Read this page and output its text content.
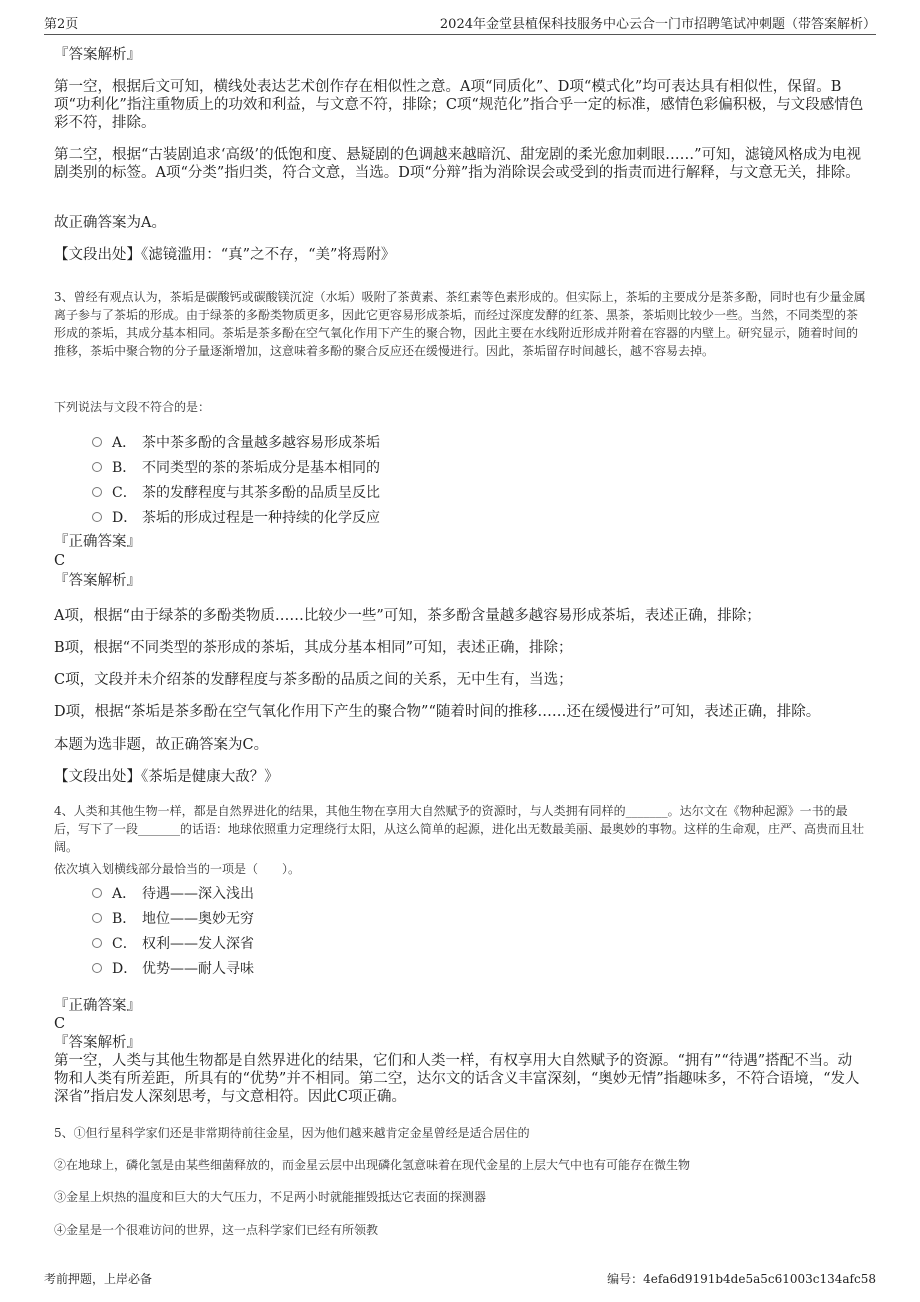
第2页	2024年金堂县植保科技服务中心云合一门市招聘笔试冲刺题（带答案解析）
『答案解析』
第一空，根据后文可知，横线处表达艺术创作存在相似性之意。A项“同质化”、D项“模式化”均可表达具有相似性，保留。B项“功利化”指注重物质上的功效和利益，与文意不符，排除；C项“规范化”指合乎一定的标准，感情色彩偏积极，与文段感情色彩不符，排除。
第二空，根据“古装剧追求‘高级’的低饱和度、悬疑剧的色调越来越暗沉、甜宠剧的柔光愈加刺眼……”可知，滤镜风格成为电视剧类别的标签。A项“分类”指归类，符合文意，当选。D项“分辩”指为消除误会或受到的指责而进行解释，与文意无关，排除。
故正确答案为A。
【文段出处】《滤镜滥用：“真”之不存，“美”将焉附》
3、曾经有观点认为，茶垢是碳酸钙或碳酸镁沉淀（水垢）吸附了茶黄素、茶红素等色素形成的。但实际上，茶垢的主要成分是茶多酚，同时也有少量金属离子参与了茶垢的形成。由于绿茶的多酚类物质更多，因此它更容易形成茶垢，而经过深度发酵的红茶、黑茶，茶垢则比较少一些。当然，不同类型的茶形成的茶垢，其成分基本相同。茶垢是茶多酚在空气氧化作用下产生的聚合物，因此主要在水线附近形成并附着在容器的内壁上。研究显示，随着时间的推移，茶垢中聚合物的分子量逐渐增加，这意味着多酚的聚合反应还在缓慢进行。因此，茶垢留存时间越长，越不容易去掉。
下列说法与文段不符合的是：
A． 茶中茶多酚的含量越多越容易形成茶垢
B． 不同类型的茶的茶垢成分是基本相同的
C． 茶的发酵程度与其茶多酚的品质呈反比
D． 茶垢的形成过程是一种持续的化学反应
『正确答案』
C
『答案解析』
A项，根据“由于绿茶的多酚类物质……比较少一些”可知，茶多酚含量越多越容易形成茶垢，表述正确，排除；
B项，根据“不同类型的茶形成的茶垢，其成分基本相同”可知，表述正确，排除；
C项，文段并未介绍茶的发酵程度与茶多酚的品质之间的关系，无中生有，当选；
D项，根据“茶垢是茶多酚在空气氧化作用下产生的聚合物”“随着时间的推移……还在缓慢进行”可知，表述正确，排除。
本题为选非题，故正确答案为C。
【文段出处】《茶垢是健康大敌？》
4、人类和其他生物一样，都是自然界进化的结果，其他生物在享用大自然赋予的资源时，与人类拥有同样的_______。达尔文在《物种起源》一书的最后，写下了一段_______的话语：地球依照重力定理绕行太阳，从这么简单的起源，进化出无数最美丽、最奥妙的事物。这样的生命观，庄严、高贵而且壮阔。
依次填入划横线部分最恰当的一项是（　　）。
A． 待遇——深入浅出
B． 地位——奥妙无穷
C． 权利——发人深省
D． 优势——耐人寻味
『正确答案』
C
『答案解析』
第一空，人类与其他生物都是自然界进化的结果，它们和人类一样，有权享用大自然赋予的资源。“拥有”“待遇”搭配不当。动物和人类有所差距，所具有的“优势”并不相同。第二空，达尔文的话含义丰富深刻，“奥妙无情”指趣味多，不符合语境，“发人深省”指启发人深刻思考，与文意相符。因此C项正确。
5、①但行星科学家们还是非常期待前往金星，因为他们越来越肯定金星曾经是适合居住的
②在地球上，磷化氢是由某些细菌释放的，而金星云层中出现磷化氢意味着在现代金星的上层大气中也有可能存在微生物
③金星上炽热的温度和巨大的大气压力，不足两小时就能摧毁抵达它表面的探测器
④金星是一个很难访问的世界，这一点科学家们已经有所领教
考前押题，上岸必备	编号：4efa6d9191b4de5a5c61003c134afc58
